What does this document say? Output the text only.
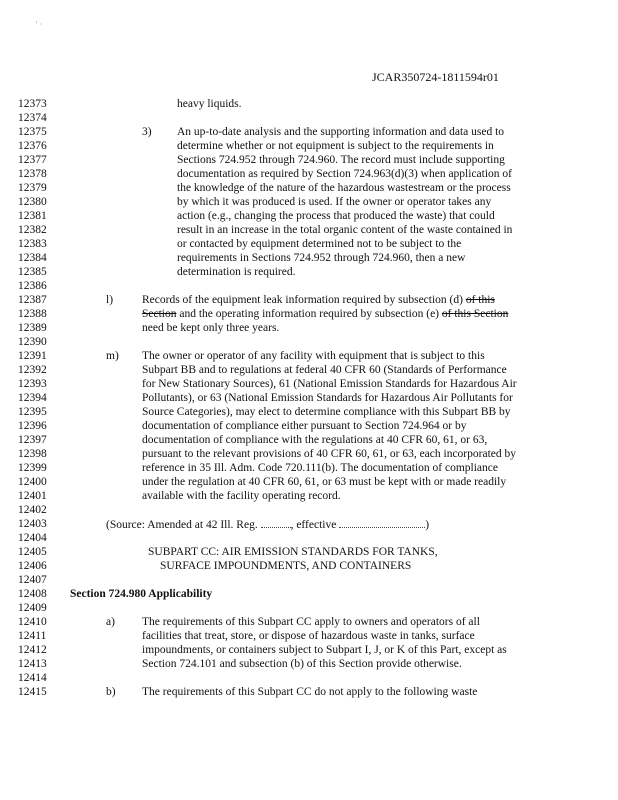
' ·
JCAR350724-1811594r01
12373
12374
12375
12376
12377
12378
12379
12380
12381
12382
12383
12384
12385
12386
12387
12388
12389
12390
12391
12392
12393
12394
12395
12396
12397
12398
12399
12400
12401
12402
12403
12404
12405
12406
12407
12408
12409
12410
12411
12412
12413
12414
12415
heavy liquids.
3) An up-to-date analysis and the supporting information and data used to
determine whether or not equipment is subject to the requirements in
Sections 724.952 through 724.960. The record must include supporting
documentation as required by Section 724.963(d)(3) when application of
the knowledge of the nature of the hazardous wastestream or the process
by which it was produced is used. If the owner or operator takes any
action (e.g., changing the process that produced the waste) that could
result in an increase in the total organic content of the waste contained in
or contacted by equipment determined not to be subject to the
requirements in Sections 724.952 through 724.960, then a new
determination is required.
l)	Records of the equipment leak information required by subsection (d) of this
Section and the operating information required by subsection (e) of this Section
need be kept only three years.
m) The owner or operator of any facility with equipment that is subject to this
Subpart BB and to regulations at federal 40 CFR 60 (Standards of Performance
for New Stationary Sources), 61 (National Emission Standards for Hazardous Air
Pollutants), or 63 (National Emission Standards for Hazardous Air Pollutants for
Source Categories), may elect to determine compliance with this Subpart BB by
documentation of compliance either pursuant to Section 724.964 or by
documentation of compliance with the regulations at 40 CFR 60, 61, or 63,
pursuant to the relevant provisions of 40 CFR 60, 61, or 63, each incorporated by
reference in 35 Ill. Adm. Code 720.111(b). The documentation of compliance
under the regulation at 40 CFR 60, 61, or 63 must be kept with or made readily
available with the facility operating record.
(Source: Amended at 42 Ill. Reg.	, effective	)
SUBPART CC: AIR EMISSION STANDARDS FOR TANKS,
SURFACE IMPOUNDMENTS, AND CONTAINERS
Section 724.980 Applicability
a) The requirements of this Subpart CC apply to owners and operators of all
facilities that treat, store, or dispose of hazardous waste in tanks, surface
impoundments, or containers subject to Subpart I, J, or K of this Part, except as
Section 724.101 and subsection (b) of this Section provide otherwise.
b) The requirements of this Subpart CC do not apply to the following waste
